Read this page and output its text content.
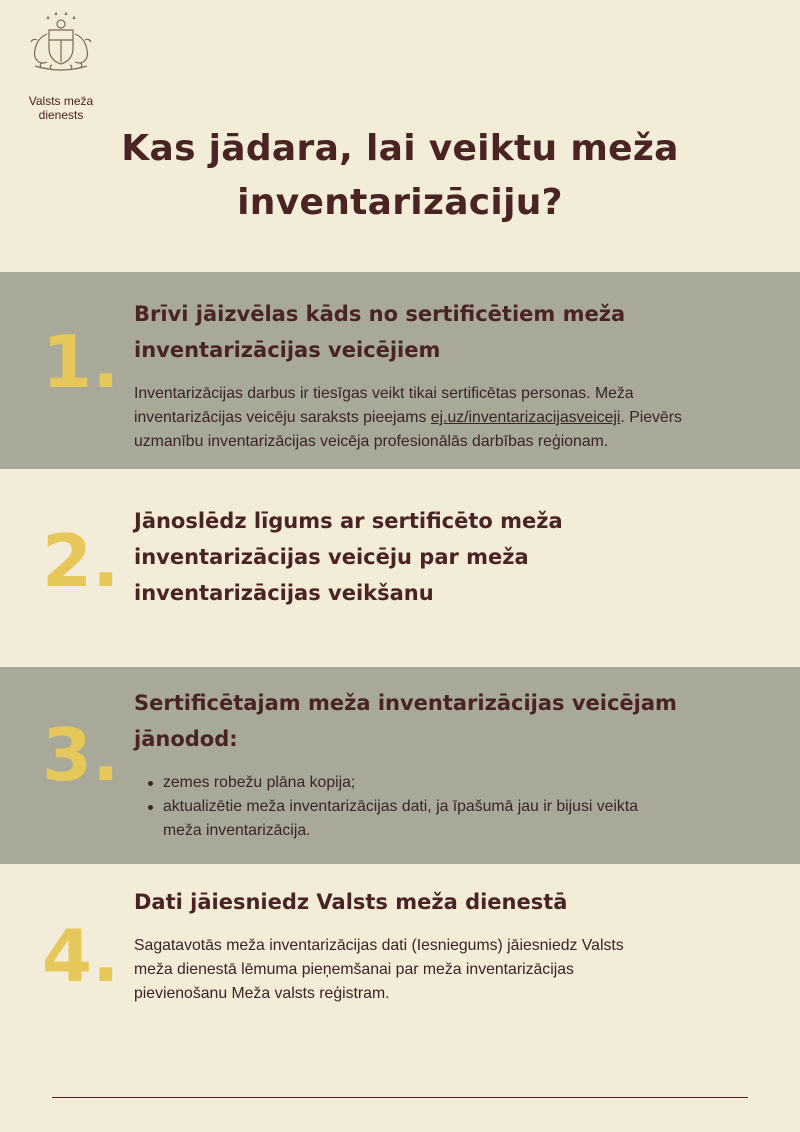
Valsts meža
dienests
Kas jādara, lai veiktu meža
inventarizāciju?
1.
Brīvi jāizvēlas kāds no sertificētiem meža
inventarizācijas veicējiem
Inventarizācijas darbus ir tiesīgas veikt tikai sertificētas personas. Meža
inventarizācijas veicēju saraksts pieejams ej.uz/inventarizacijasveiceji. Pievērs
uzmanību inventarizācijas veicēja profesionālās darbības reģionam.
2. Jānoslēdz līgums ar sertificēto meža
inventarizācijas veicēju par meža
inventarizācijas veikšanu
3.
Sertificētajam meža inventarizācijas veicējam
jānodod:
zemes robežu plāna kopija;
aktualizētie meža inventarizācijas dati, ja īpašumā jau ir bijusi veikta
meža inventarizācija.
4.
Dati jāiesniedz Valsts meža dienestā
Sagatavotās meža inventarizācijas dati (Iesniegums) jāiesniedz Valsts
meža dienestā lēmuma pieņemšanai par meža inventarizācijas
pievienošanu Meža valsts reģistram.
